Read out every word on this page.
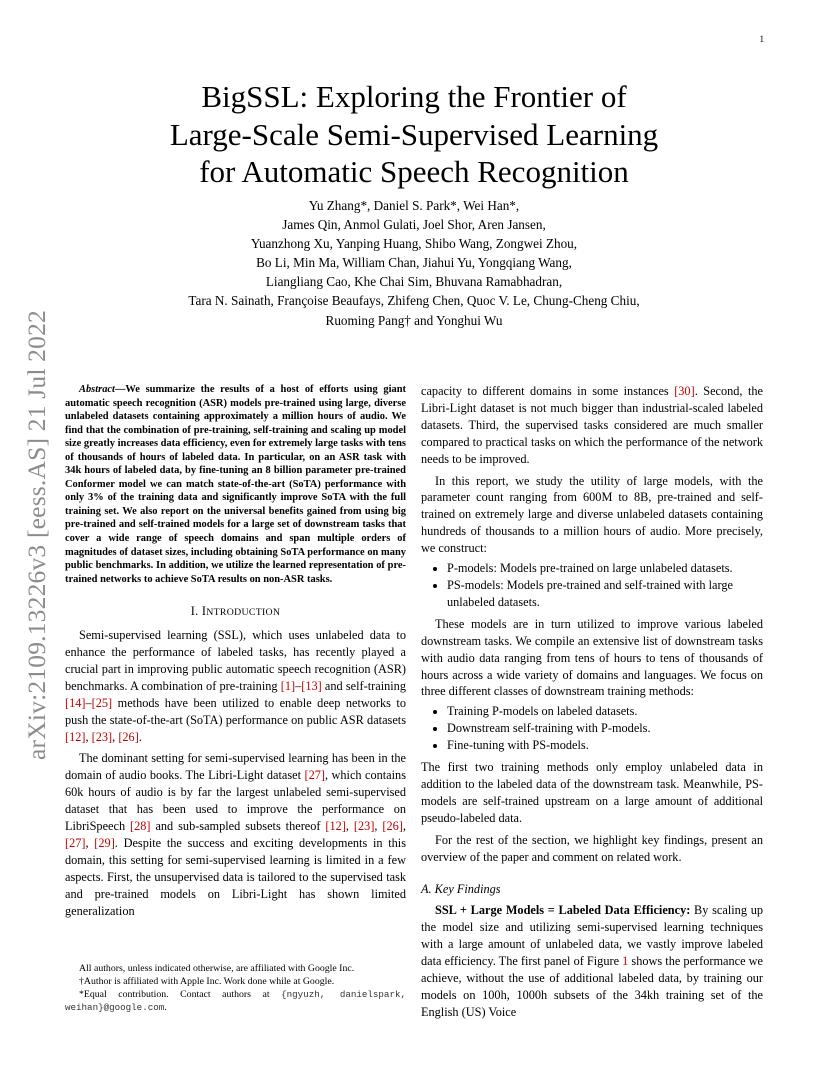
1
arXiv:2109.13226v3 [eess.AS] 21 Jul 2022
BigSSL: Exploring the Frontier of
Large-Scale Semi-Supervised Learning
for Automatic Speech Recognition
Yu Zhang*, Daniel S. Park*, Wei Han*,
James Qin, Anmol Gulati, Joel Shor, Aren Jansen,
Yuanzhong Xu, Yanping Huang, Shibo Wang, Zongwei Zhou,
Bo Li, Min Ma, William Chan, Jiahui Yu, Yongqiang Wang,
Liangliang Cao, Khe Chai Sim, Bhuvana Ramabhadran,
Tara N. Sainath, Françoise Beaufays, Zhifeng Chen, Quoc V. Le, Chung-Cheng Chiu,
Ruoming Pang† and Yonghui Wu

Abstract—We summarize the results of a host of efforts using giant automatic speech recognition (ASR) models pre-trained using large, diverse unlabeled datasets containing approximately a million hours of audio. We find that the combination of pre-training, self-training and scaling up model size greatly increases data efficiency, even for extremely large tasks with tens of thousands of hours of labeled data. In particular, on an ASR task with 34k hours of labeled data, by fine-tuning an 8 billion parameter pre-trained Conformer model we can match state-of-the-art (SoTA) performance with only 3% of the training data and significantly improve SoTA with the full training set. We also report on the universal benefits gained from using big pre-trained and self-trained models for a large set of downstream tasks that cover a wide range of speech domains and span multiple orders of magnitudes of dataset sizes, including obtaining SoTA performance on many public benchmarks. In addition, we utilize the learned representation of pre-trained networks to achieve SoTA results on non-ASR tasks.

I. INTRODUCTION

Semi-supervised learning (SSL), which uses unlabeled data to enhance the performance of labeled tasks, has recently played a crucial part in improving public automatic speech recognition (ASR) benchmarks. A combination of pre-training [1]–[13] and self-training [14]–[25] methods have been utilized to enable deep networks to push the state-of-the-art (SoTA) performance on public ASR datasets [12], [23], [26].

The dominant setting for semi-supervised learning has been in the domain of audio books. The Libri-Light dataset [27], which contains 60k hours of audio is by far the largest unlabeled semi-supervised dataset that has been used to improve the performance on LibriSpeech [28] and sub-sampled subsets thereof [12], [23], [26], [27], [29]. Despite the success and exciting developments in this domain, this setting for semi-supervised learning is limited in a few aspects. First, the unsupervised data is tailored to the supervised task and pre-trained models on Libri-Light has shown limited generalization

capacity to different domains in some instances [30]. Second, the Libri-Light dataset is not much bigger than industrial-scaled labeled datasets. Third, the supervised tasks considered are much smaller compared to practical tasks on which the performance of the network needs to be improved.

In this report, we study the utility of large models, with the parameter count ranging from 600M to 8B, pre-trained and self-trained on extremely large and diverse unlabeled datasets containing hundreds of thousands to a million hours of audio. More precisely, we construct:

• P-models: Models pre-trained on large unlabeled datasets.
• PS-models: Models pre-trained and self-trained with large unlabeled datasets.

These models are in turn utilized to improve various labeled downstream tasks. We compile an extensive list of downstream tasks with audio data ranging from tens of hours to tens of thousands of hours across a wide variety of domains and languages. We focus on three different classes of downstream training methods:

• Training P-models on labeled datasets.
• Downstream self-training with P-models.
• Fine-tuning with PS-models.

The first two training methods only employ unlabeled data in addition to the labeled data of the downstream task. Meanwhile, PS-models are self-trained upstream on a large amount of additional pseudo-labeled data.

For the rest of the section, we highlight key findings, present an overview of the paper and comment on related work.

A. Key Findings

SSL + Large Models = Labeled Data Efficiency: By scaling up the model size and utilizing semi-supervised learning techniques with a large amount of unlabeled data, we vastly improve labeled data efficiency. The first panel of Figure 1 shows the performance we achieve, without the use of additional labeled data, by training our models on 100h, 1000h subsets of the 34kh training set of the English (US) Voice

All authors, unless indicated otherwise, are affiliated with Google Inc.

†Author is affiliated with Apple Inc. Work done while at Google.

*Equal contribution. Contact authors at {ngyuzh, danielspark, weihan}@google.com.
